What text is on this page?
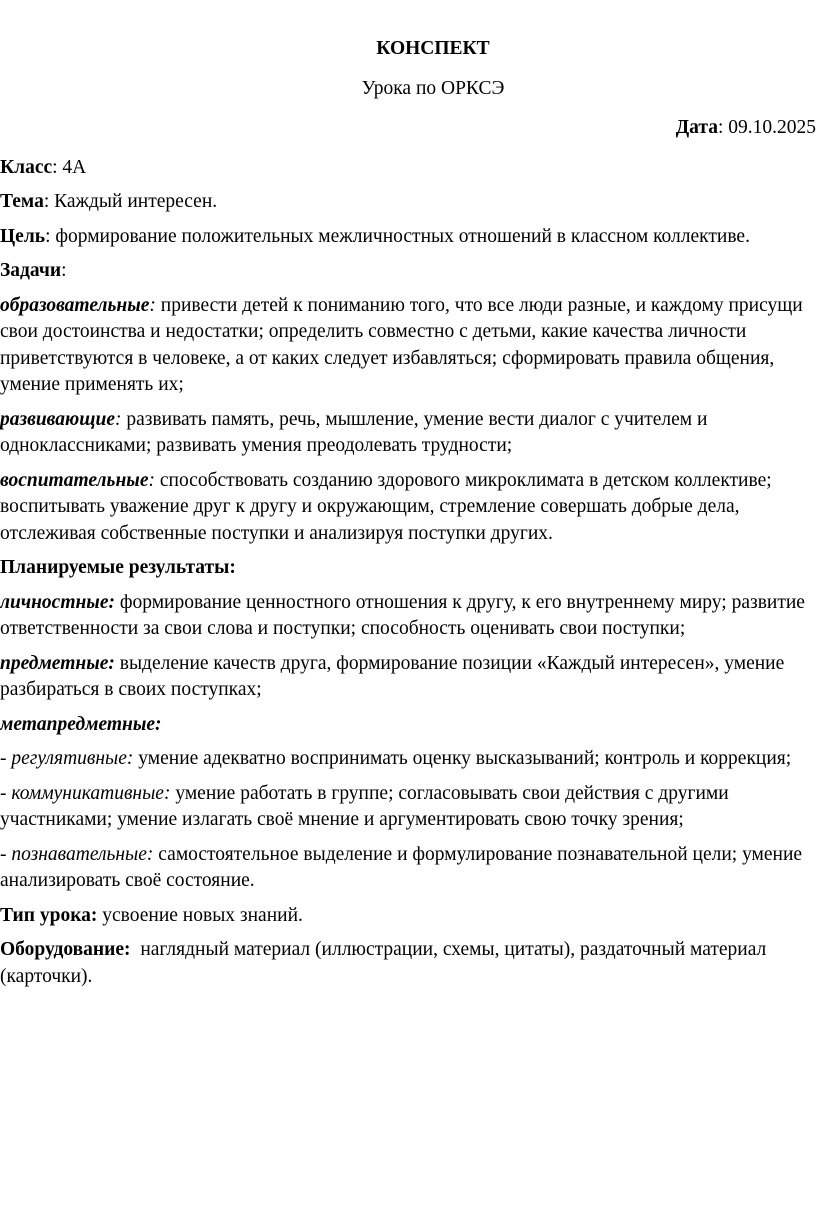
КОНСПЕКТ
Урока по ОРКСЭ
Дата: 09.10.2025

Класс: 4А

Тема: Каждый интересен.

Цель: формирование положительных межличностных отношений в классном коллективе.

Задачи:

образовательные: привести детей к пониманию того, что все люди разные, и каждому присущи свои достоинства и недостатки; определить совместно с детьми, какие качества личности приветствуются в человеке, а от каких следует избавляться; сформировать правила общения, умение применять их;

развивающие: развивать память, речь, мышление, умение вести диалог с учителем и одноклассниками; развивать умения преодолевать трудности;

воспитательные: способствовать созданию здорового микроклимата в детском коллективе; воспитывать уважение друг к другу и окружающим, стремление совершать добрые дела, отслеживая собственные поступки и анализируя поступки других.

Планируемые результаты:

личностные: формирование ценностного отношения к другу, к его внутреннему миру; развитие ответственности за свои слова и поступки; способность оценивать свои поступки;

предметные: выделение качеств друга, формирование позиции «Каждый интересен», умение разбираться в своих поступках;

метапредметные:

- регулятивные: умение адекватно воспринимать оценку высказываний; контроль и коррекция;

- коммуникативные: умение работать в группе; согласовывать свои действия с другими участниками; умение излагать своё мнение и аргументировать свою точку зрения;

- познавательные: самостоятельное выделение и формулирование познавательной цели; умение анализировать своё состояние.

Тип урока: усвоение новых знаний.

Оборудование:  наглядный материал (иллюстрации, схемы, цитаты), раздаточный материал (карточки).
